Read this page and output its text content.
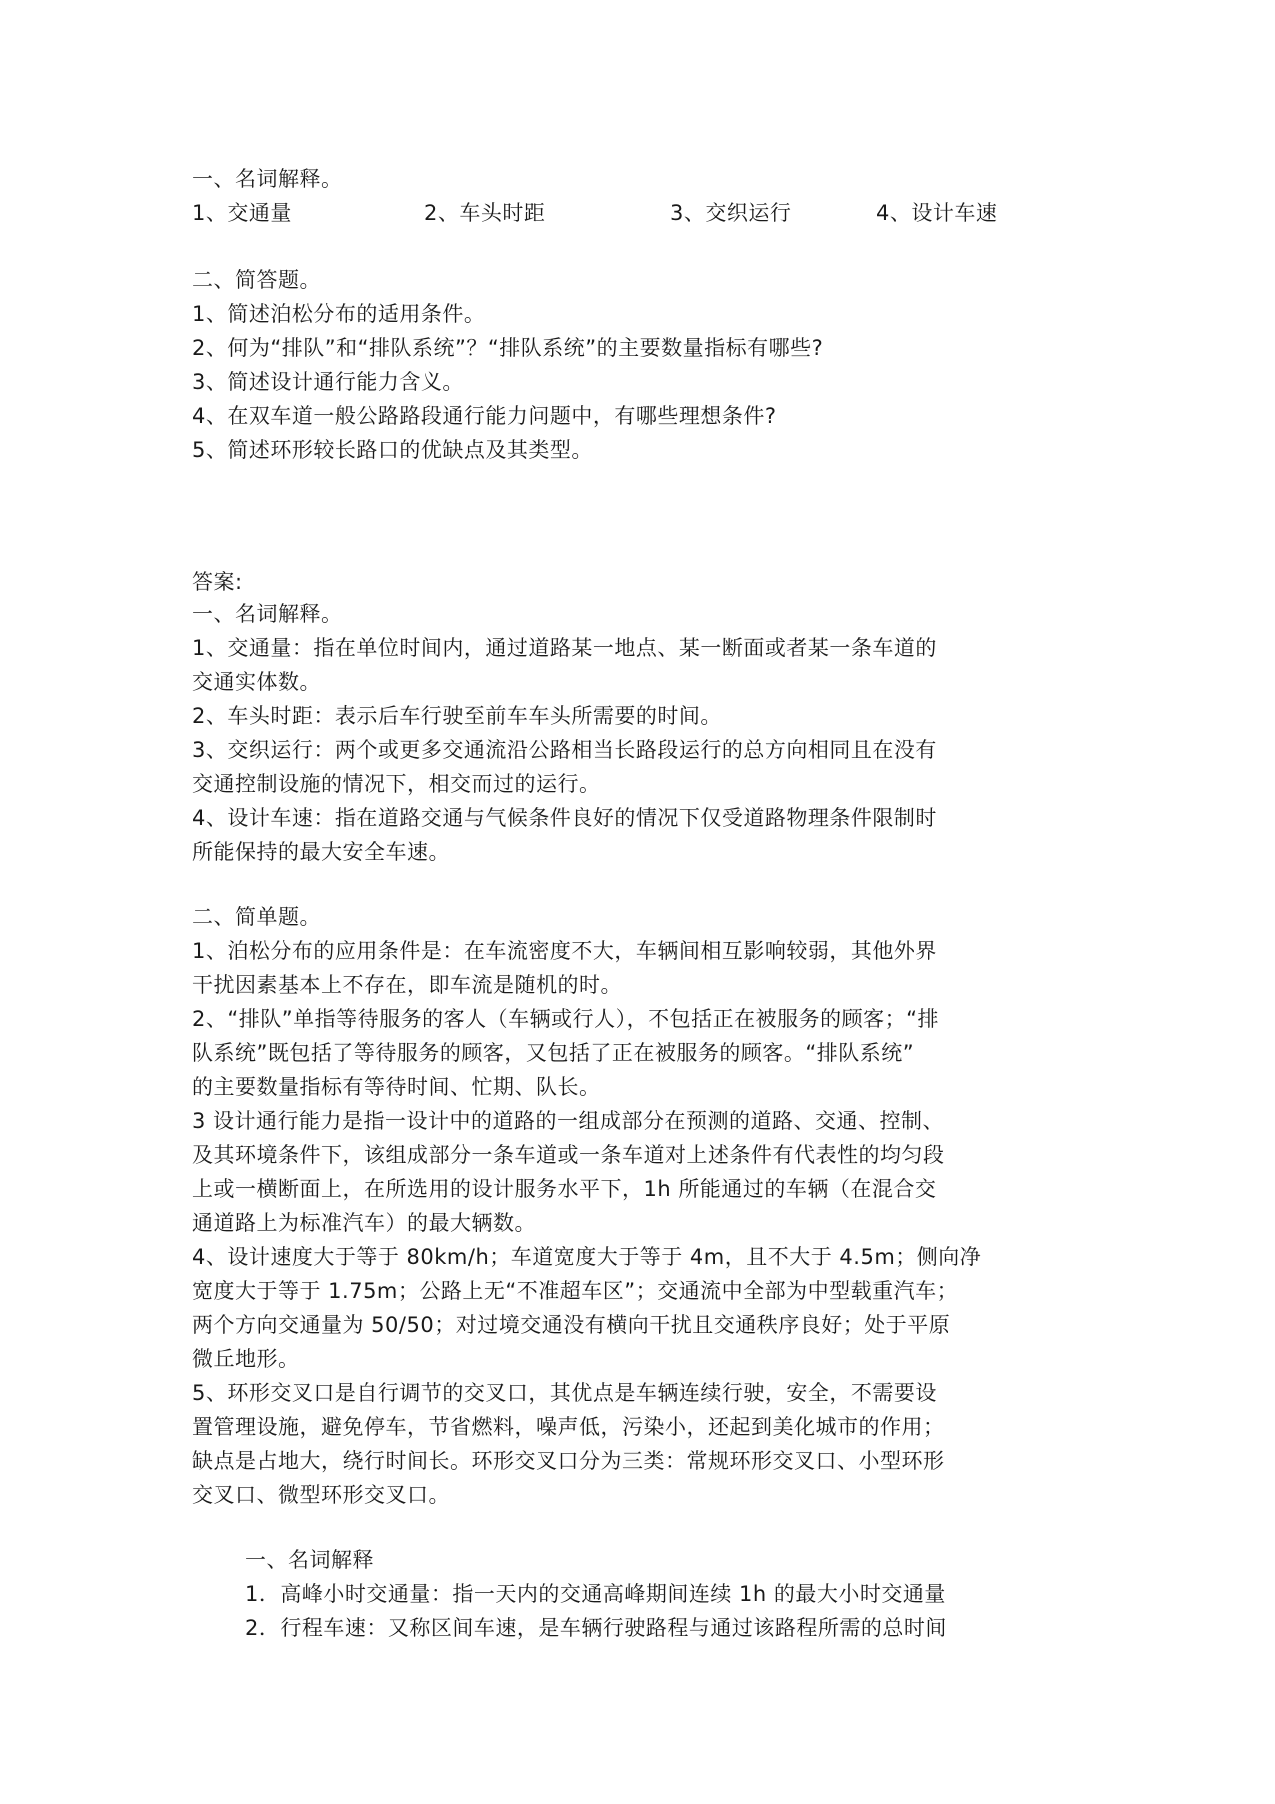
一、名词解释。
1、交通量	2、车头时距	3、交织运行	4、设计车速
二、简答题。
1、简述泊松分布的适用条件。
2、何为“排队”和“排队系统”？“排队系统”的主要数量指标有哪些?
3、简述设计通行能力含义。
4、在双车道一般公路路段通行能力问题中，有哪些理想条件?
5、简述环形较长路口的优缺点及其类型。
答案:
一、名词解释。
1、交通量：指在单位时间内，通过道路某一地点、某一断面或者某一条车道的
交通实体数。
2、车头时距：表示后车行驶至前车车头所需要的时间。
3、交织运行：两个或更多交通流沿公路相当长路段运行的总方向相同且在没有
交通控制设施的情况下，相交而过的运行。
4、设计车速：指在道路交通与气候条件良好的情况下仅受道路物理条件限制时
所能保持的最大安全车速。
二、简单题。
1、泊松分布的应用条件是：在车流密度不大，车辆间相互影响较弱，其他外界
干扰因素基本上不存在，即车流是随机的时。
2、“排队”单指等待服务的客人（车辆或行人），不包括正在被服务的顾客；“排
队系统”既包括了等待服务的顾客，又包括了正在被服务的顾客。“排队系统”
的主要数量指标有等待时间、忙期、队长。
3 设计通行能力是指一设计中的道路的一组成部分在预测的道路、交通、控制、
及其环境条件下，该组成部分一条车道或一条车道对上述条件有代表性的均匀段
上或一横断面上，在所选用的设计服务水平下，1h 所能通过的车辆（在混合交
通道路上为标准汽车）的最大辆数。
4、设计速度大于等于 80km/h；车道宽度大于等于 4m，且不大于 4.5m；侧向净
宽度大于等于 1.75m；公路上无“不准超车区”；交通流中全部为中型载重汽车；
两个方向交通量为 50/50；对过境交通没有横向干扰且交通秩序良好；处于平原
微丘地形。
5、环形交叉口是自行调节的交叉口，其优点是车辆连续行驶，安全，不需要设
置管理设施，避免停车，节省燃料，噪声低，污染小，还起到美化城市的作用；
缺点是占地大，绕行时间长。环形交叉口分为三类：常规环形交叉口、小型环形
交叉口、微型环形交叉口。
一、名词解释
1．高峰小时交通量：指一天内的交通高峰期间连续 1h 的最大小时交通量
2．行程车速：又称区间车速，是车辆行驶路程与通过该路程所需的总时间
